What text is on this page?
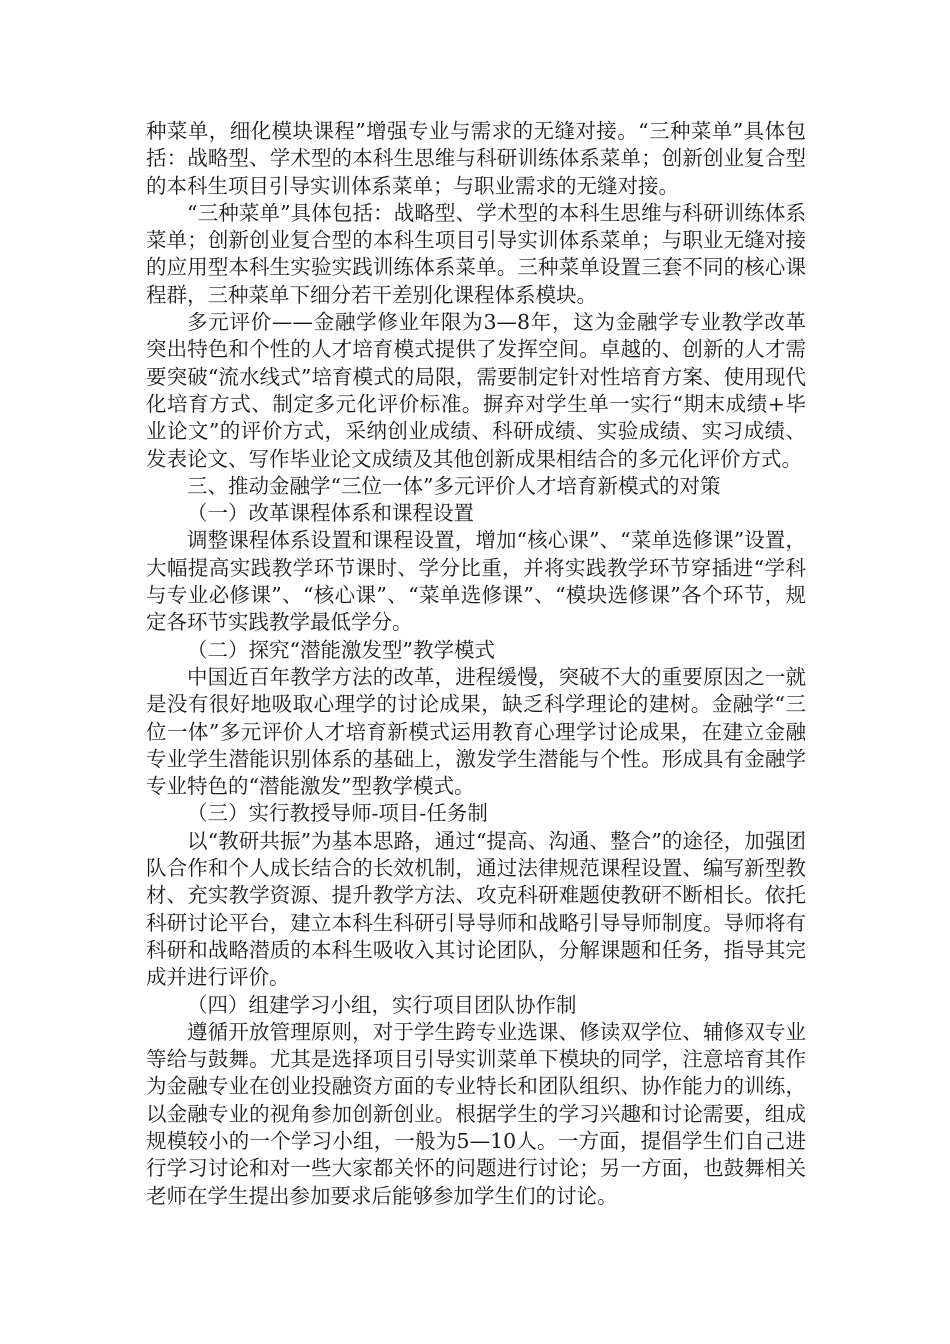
种菜单，细化模块课程”增强专业与需求的无缝对接。“三种菜单”具体包括：战略型、学术型的本科生思维与科研训练体系菜单；创新创业复合型的本科生项目引导实训体系菜单；与职业需求的无缝对接。

“三种菜单”具体包括：战略型、学术型的本科生思维与科研训练体系菜单；创新创业复合型的本科生项目引导实训体系菜单；与职业无缝对接的应用型本科生实验实践训练体系菜单。三种菜单设置三套不同的核心课程群，三种菜单下细分若干差别化课程体系模块。

多元评价——金融学修业年限为3—8年，这为金融学专业教学改革突出特色和个性的人才培育模式提供了发挥空间。卓越的、创新的人才需要突破“流水线式”培育模式的局限，需要制定针对性培育方案、使用现代化培育方式、制定多元化评价标准。摒弃对学生单一实行“期末成绩+毕业论文”的评价方式，采纳创业成绩、科研成绩、实验成绩、实习成绩、发表论文、写作毕业论文成绩及其他创新成果相结合的多元化评价方式。

三、推动金融学“三位一体”多元评价人才培育新模式的对策

（一）改革课程体系和课程设置

调整课程体系设置和课程设置，增加“核心课”、“菜单选修课”设置，大幅提高实践教学环节课时、学分比重，并将实践教学环节穿插进“学科与专业必修课”、“核心课”、“菜单选修课”、“模块选修课”各个环节，规定各环节实践教学最低学分。

（二）探究“潜能激发型”教学模式

中国近百年教学方法的改革，进程缓慢，突破不大的重要原因之一就是没有很好地吸取心理学的讨论成果，缺乏科学理论的建树。金融学“三位一体”多元评价人才培育新模式运用教育心理学讨论成果，在建立金融专业学生潜能识别体系的基础上，激发学生潜能与个性。形成具有金融学专业特色的“潜能激发”型教学模式。

（三）实行教授导师-项目-任务制

以“教研共振”为基本思路，通过“提高、沟通、整合”的途径，加强团队合作和个人成长结合的长效机制，通过法律规范课程设置、编写新型教材、充实教学资源、提升教学方法、攻克科研难题使教研不断相长。依托科研讨论平台，建立本科生科研引导导师和战略引导导师制度。导师将有科研和战略潜质的本科生吸收入其讨论团队，分解课题和任务，指导其完成并进行评价。

（四）组建学习小组，实行项目团队协作制

遵循开放管理原则，对于学生跨专业选课、修读双学位、辅修双专业等给与鼓舞。尤其是选择项目引导实训菜单下模块的同学，注意培育其作为金融专业在创业投融资方面的专业特长和团队组织、协作能力的训练，以金融专业的视角参加创新创业。根据学生的学习兴趣和讨论需要，组成规模较小的一个学习小组，一般为5—10人。一方面，提倡学生们自己进行学习讨论和对一些大家都关怀的问题进行讨论；另一方面，也鼓舞相关老师在学生提出参加要求后能够参加学生们的讨论。
